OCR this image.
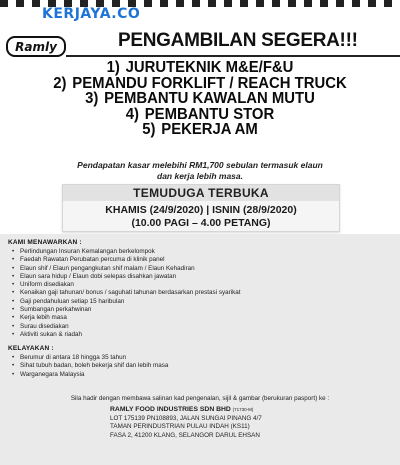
KERJAYA.CO
Ramly	PENGAMBILAN SEGERA!!!
1) JURUTEKNIK M&E/F&U
2) PEMANDU FORKLIFT / REACH TRUCK
3) PEMBANTU KAWALAN MUTU
4) PEMBANTU STOR
5) PEKERJA AM
Pendapatan kasar melebihi RM1,700 sebulan termasuk elaun
dan kerja lebih masa.
TEMUDUGA TERBUKA
KHAMIS (24/9/2020) | ISNIN (28/9/2020)
(10.00 PAGI – 4.00 PETANG)
KAMI MENAWARKAN :
• Perlindungan Insuran Kemalangan berkelompok
• Faedah Rawatan Perubatan percuma di klinik panel
• Elaun shif / Elaun pengangkutan shif malam / Elaun Kehadiran
• Elaun sara hidup / Elaun dobi selepas disahkan jawatan
• Uniform disediakan
• Kenaikan gaji tahunan/ bonus / saguhati tahunan berdasarkan prestasi syarikat
• Gaji pendahuluan setiap 15 haribulan
• Sumbangan perkahwinan
• Kerja lebih masa
• Surau disediakan
• Aktiviti sukan & riadah
KELAYAKAN :
• Berumur di antara 18 hingga 35 tahun
• Sihat tubuh badan, boleh bekerja shif dan lebih masa
• Warganegara Malaysia
Sila hadir dengan membawa salinan kad pengenalan, sijil & gambar (berukuran pasport) ke :
RAMLY FOOD INDUSTRIES SDN BHD (71730-M)
LOT 175139 PN108893, JALAN SUNGAI PINANG 4/7
TAMAN PERINDUSTRIAN PULAU INDAH (KS11)
FASA 2, 41200 KLANG, SELANGOR DARUL EHSAN
